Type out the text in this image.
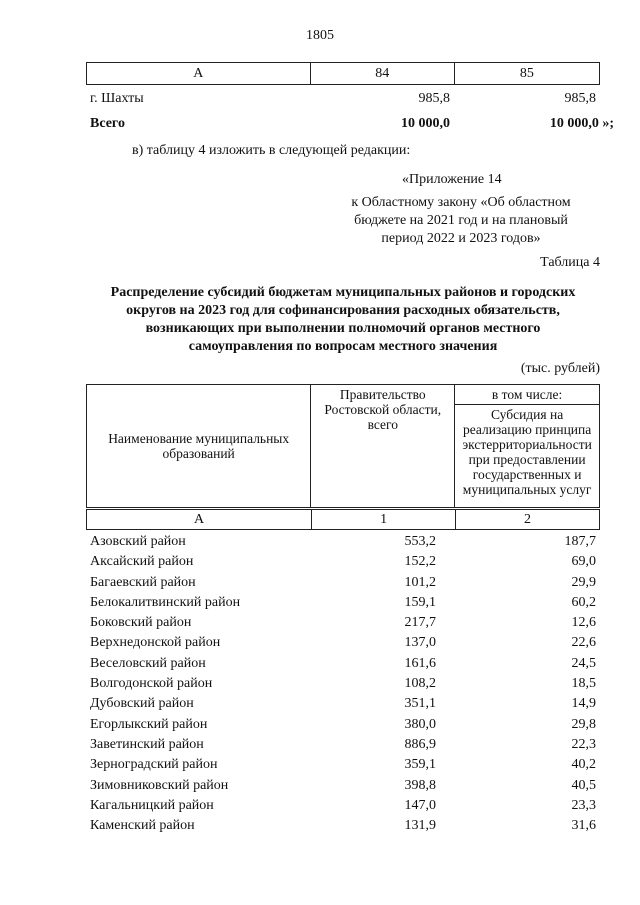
1805
А	84	85
г. Шахты	985,8	985,8
Всего	10 000,0	10 000,0 »;
в) таблицу 4 изложить в следующей редакции:
«Приложение 14
к Областному закону «Об областном
бюджете на 2021 год и на плановый
период 2022 и 2023 годов»
Таблица 4
Распределение субсидий бюджетам муниципальных районов и городских
округов на 2023 год для софинансирования расходных обязательств,
возникающих при выполнении полномочий органов местного
самоуправления по вопросам местного значения
(тыс. рублей)
Наименование муниципальных образований	Правительство Ростовской области, всего	в том числе:
Субсидия на реализацию принципа экстерриториальности при предоставлении государственных и муниципальных услуг
А	1	2
Азовский район	553,2	187,7
Аксайский район	152,2	69,0
Багаевский район	101,2	29,9
Белокалитвинский район	159,1	60,2
Боковский район	217,7	12,6
Верхнедонской район	137,0	22,6
Веселовский район	161,6	24,5
Волгодонской район	108,2	18,5
Дубовский район	351,1	14,9
Егорлыкский район	380,0	29,8
Заветинский район	886,9	22,3
Зерноградский район	359,1	40,2
Зимовниковский район	398,8	40,5
Кагальницкий район	147,0	23,3
Каменский район	131,9	31,6
